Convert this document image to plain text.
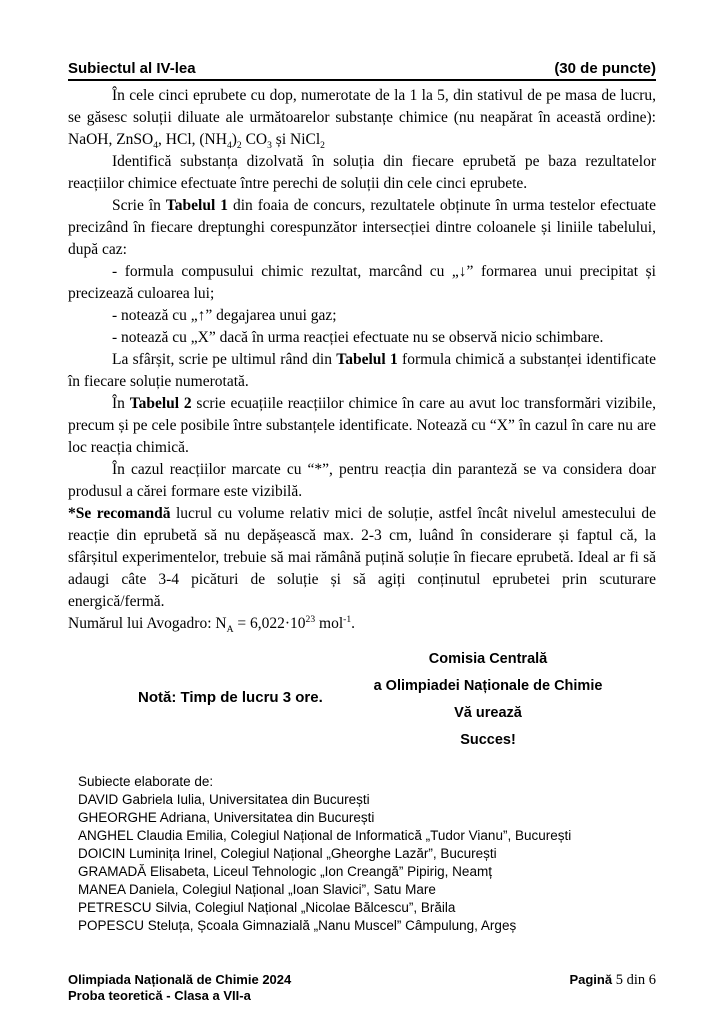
Subiectul al IV-lea	(30 de puncte)

În cele cinci eprubete cu dop, numerotate de la 1 la 5, din stativul de pe masa de lucru, se găsesc soluții diluate ale următoarelor substanțe chimice (nu neapărat în această ordine): NaOH, ZnSO$_4$, HCl, $(NH_4)_2$ $CO_3$ și NiCl$_2$

Identifică substanța dizolvată în soluția din fiecare eprubetă pe baza rezultatelor reacțiilor chimice efectuate între perechi de soluții din cele cinci eprubete.

Scrie în Tabelul 1 din foaia de concurs, rezultatele obținute în urma testelor efectuate precizând în fiecare dreptunghi corespunzător intersecției dintre coloanele și liniile tabelului, după caz:

- formula compusului chimic rezultat, marcând cu „↓” formarea unui precipitat și precizează culoarea lui;

- notează cu „↑” degajarea unui gaz;

- notează cu „X” dacă în urma reacției efectuate nu se observă nicio schimbare.

La sfârșit, scrie pe ultimul rând din Tabelul 1 formula chimică a substanței identificate în fiecare soluție numerotată.

În Tabelul 2 scrie ecuațiile reacțiilor chimice în care au avut loc transformări vizibile, precum și pe cele posibile între substanțele identificate. Notează cu “X” în cazul în care nu are loc reacția chimică.

În cazul reacțiilor marcate cu “*”, pentru reacția din paranteză se va considera doar produsul a cărei formare este vizibilă.

*Se recomandă lucrul cu volume relativ mici de soluție, astfel încât nivelul amestecului de reacție din eprubetă să nu depășească max. 2-3 cm, luând în considerare și faptul că, la sfârșitul experimentelor, trebuie să mai rămână puțină soluție în fiecare eprubetă. Ideal ar fi să adaugi câte 3-4 picături de soluție și să agiți conținutul eprubetei prin scuturare energică/fermă.

Numărul lui Avogadro: $N_A = 6,022\cdot 10^{23}$ mol$^{-1}$.

Notă: Timp de lucru 3 ore.
Comisia Centrală
a Olimpiadei Naționale de Chimie
Vă urează
Succes!
Subiecte elaborate de:
DAVID Gabriela Iulia, Universitatea din București
GHEORGHE Adriana, Universitatea din București
ANGHEL Claudia Emilia, Colegiul Național de Informatică „Tudor Vianu”, București
DOICIN Luminița Irinel, Colegiul Național „Gheorghe Lazăr”, București
GRAMADĂ Elisabeta, Liceul Tehnologic „Ion Creangă” Pipirig, Neamț
MANEA Daniela, Colegiul Național „Ioan Slavici”, Satu Mare
PETRESCU Silvia, Colegiul Național „Nicolae Bălcescu”, Brăila
POPESCU Steluța, Școala Gimnazială „Nanu Muscel” Câmpulung, Argeș
Olimpiada Națională de Chimie 2024
Proba teoretică - Clasa a VII-a
Pagină 5 din 6
